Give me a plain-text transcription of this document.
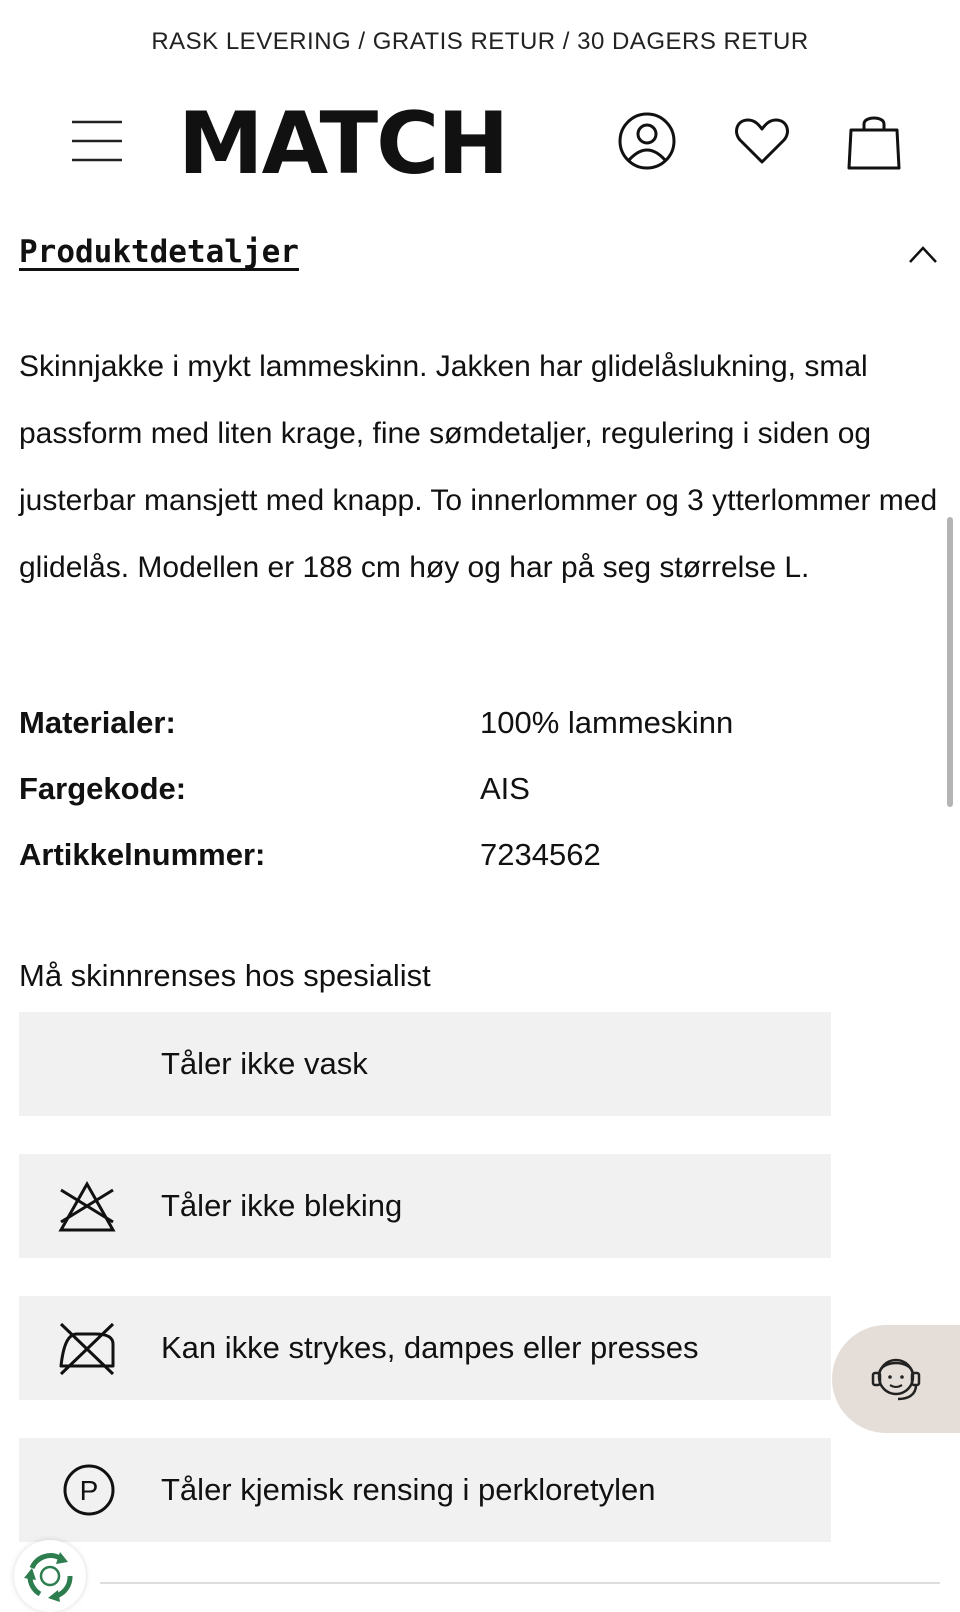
RASK LEVERING / GRATIS RETUR / 30 DAGERS RETUR
MATCH
Produktdetaljer
Skinnjakke i mykt lammeskinn. Jakken har glidelåslukning, smal passform med liten krage, fine sømdetaljer, regulering i siden og justerbar mansjett med knapp. To innerlommer og 3 ytterlommer med glidelås. Modellen er 188 cm høy og har på seg størrelse L.
Materialer:	100% lammeskinn
Fargekode:	AIS
Artikkelnummer:	7234562
Må skinnrenses hos spesialist
Tåler ikke vask
Tåler ikke bleking
Kan ikke strykes, dampes eller presses
P Tåler kjemisk rensing i perkloretylen
